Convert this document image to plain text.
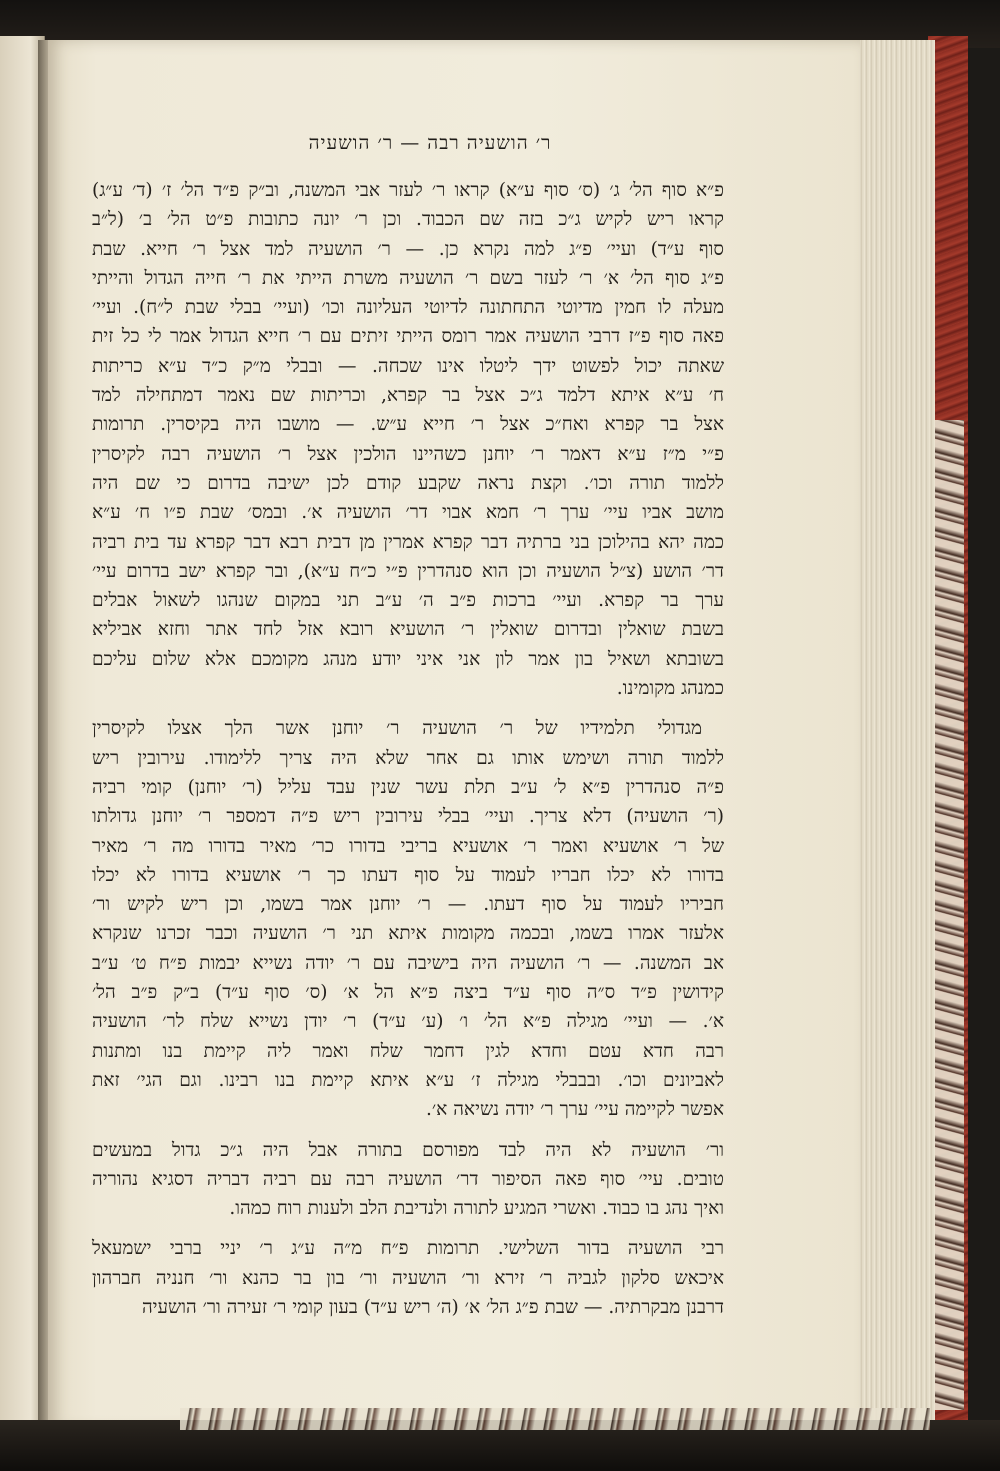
ר׳ הושעיה רבה — ר׳ הושעיה
פ״א סוף הל׳ ג׳ (ס׳ סוף ע״א) קראו ר׳ לעזר אבי המשנה, וב״ק פ״ד הל׳ ז׳ (ד׳ ע״ג)
קראו ריש לקיש ג״כ בזה שם הכבוד. וכן ר׳ יונה כתובות פ״ט הל׳ ב׳ (ל״ב
סוף ע״ד) ועיי׳ פ״ג למה נקרא כן. — ר׳ הושעיה למד אצל ר׳ חייא. שבת
פ״ג סוף הל׳ א׳ ר׳ לעזר בשם ר׳ הושעיה משרת הייתי את ר׳ חייה הגדול והייתי
מעלה לו חמין מדיוטי התחתונה לדיוטי העליונה וכו׳ (ועיי׳ בבלי שבת ל״ח). ועיי׳
פאה סוף פ״ז דרבי הושעיה אמר רומס הייתי זיתים עם ר׳ חייא הגדול אמר לי כל זית
שאתה יכול לפשוט ידך ליטלו אינו שכחה. — ובבלי מ״ק כ״ד ע״א כריתות
ח׳ ע״א איתא דלמד ג״כ אצל בר קפרא, וכריתות שם נאמר דמתחילה למד
אצל בר קפרא ואח״כ אצל ר׳ חייא ע״ש. — מושבו היה בקיסרין. תרומות
פ״י מ״ז ע״א דאמר ר׳ יוחנן כשהיינו הולכין אצל ר׳ הושעיה רבה לקיסרין
ללמוד תורה וכו׳. וקצת נראה שקבע קודם לכן ישיבה בדרום כי שם היה
מושב אביו עיי׳ ערך ר׳ חמא אבוי דר׳ הושעיה א׳. ובמס׳ שבת פ״ו ח׳ ע״א
כמה יהא בהילוכן בני ברתיה דבר קפרא אמרין מן דבית רבא דבר קפרא עד בית רביה
דר׳ הושע (צ״ל הושעיה וכן הוא סנהדרין פ״י כ״ח ע״א), ובר קפרא ישב בדרום עיי׳
ערך בר קפרא. ועיי׳ ברכות פ״ב ה׳ ע״ב תני במקום שנהגו לשאול אבלים
בשבת שואלין ובדרום שואלין ר׳ הושעיא רובא אזל לחד אתר וחזא אביליא
בשובתא ושאיל בון אמר לון אני איני יודע מנהג מקומכם אלא שלום עליכם
כמנהג מקומינו.
מגדולי תלמידיו של ר׳ הושעיה ר׳ יוחנן אשר הלך אצלו לקיסרין
ללמוד תורה ושימש אותו גם אחר שלא היה צריך ללימודו. עירובין ריש
פ״ה סנהדרין פ״א ל׳ ע״ב תלת עשר שנין עבד עליל (ר׳ יוחנן) קומי רביה
(ר׳ הושעיה) דלא צריך. ועיי׳ בבלי עירובין ריש פ״ה דמספר ר׳ יוחנן גדולתו
של ר׳ אושעיא ואמר ר׳ אושעיא בריבי בדורו כר׳ מאיר בדורו מה ר׳ מאיר
בדורו לא יכלו חבריו לעמוד על סוף דעתו כך ר׳ אושעיא בדורו לא יכלו
חביריו לעמוד על סוף דעתו. — ר׳ יוחנן אמר בשמו, וכן ריש לקיש ור׳
אלעזר אמרו בשמו, ובכמה מקומות איתא תני ר׳ הושעיה וכבר זכרנו שנקרא
אב המשנה. — ר׳ הושעיה היה בישיבה עם ר׳ יודה נשייא יבמות פ״ח ט׳ ע״ב
קידושין פ״ד ס״ה סוף ע״ד ביצה פ״א הל א׳ (ס׳ סוף ע״ד) ב״ק פ״ב הל׳
א׳. — ועיי׳ מגילה פ״א הל׳ ו׳ (ע׳ ע״ד) ר׳ יודן נשייא שלח לר׳ הושעיה
רבה חדא עטם וחדא לגין דחמר שלח ואמר ליה קיימת בנו ומתנות
לאביונים וכו׳. ובבבלי מגילה ז׳ ע״א איתא קיימת בנו רבינו. וגם הגי׳ זאת
אפשר לקיימה עיי׳ ערך ר׳ יודה נשיאה א׳.
ור׳ הושעיה לא היה לבד מפורסם בתורה אבל היה ג״כ גדול במעשים
טובים. עיי׳ סוף פאה הסיפור דר׳ הושעיה רבה עם רביה דבריה דסגיא נהוריה
ואיך נהג בו כבוד. ואשרי המגיע לתורה ולנדיבת הלב ולענות רוח כמהו.
רבי הושעיה בדור השלישי. תרומות פ״ח מ״ה ע״ג ר׳ יניי ברבי ישמעאל
איכאש סלקון לגביה ר׳ זירא ור׳ הושעיה ור׳ בון בר כהנא ור׳ חנניה חברהון
דרבנן מבקרתיה. — שבת פ״ג הל׳ א׳ (ה׳ ריש ע״ד) בעון קומי ר׳ זעירה ור׳ הושעיה
